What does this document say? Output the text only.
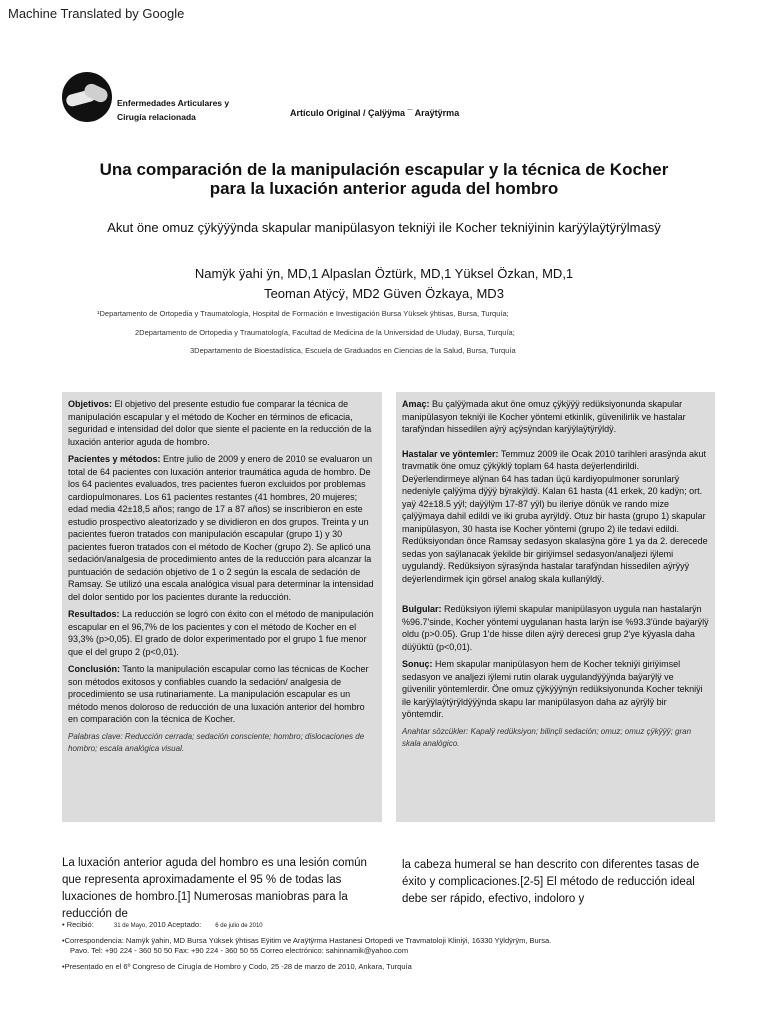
Machine Translated by Google
Enfermedades Articulares y
Cirugía relacionada	Artículo Original / Çalÿÿma ¯ Araÿtÿrma
Una comparación de la manipulación escapular y la técnica de Kocher
para la luxación anterior aguda del hombro
Akut öne omuz çÿkÿÿÿnda skapular manipülasyon tekniÿi ile Kocher tekniÿinin karÿÿlaÿtÿrÿlmasÿ
Namÿk ÿahi ÿn, MD,1 Alpaslan Öztürk, MD,1 Yüksel Özkan, MD,1
Teoman Atÿcÿ, MD2 Güven Özkaya, MD3
¹Departamento de Ortopedia y Traumatología, Hospital de Formación e Investigación Bursa Yüksek ÿhtisas, Bursa, Turquía;
2Departamento de Ortopedia y Traumatología, Facultad de Medicina de la Universidad de Uludaÿ, Bursa, Turquía;
3Departamento de Bioestadística, Escuela de Graduados en Ciencias de la Salud, Bursa, Turquía

Objetivos: El objetivo del presente estudio fue comparar la técnica de manipulación escapular y el método de Kocher en términos de eficacia, seguridad e intensidad del dolor que siente el paciente en la reducción de la luxación anterior aguda de hombro.

Pacientes y métodos: Entre julio de 2009 y enero de 2010 se evaluaron un total de 64 pacientes con luxación anterior traumática aguda de hombro. De los 64 pacientes evaluados, tres pacientes fueron excluidos por problemas cardiopulmonares. Los 61 pacientes restantes (41 hombres, 20 mujeres; edad media 42±18,5 años; rango de 17 a 87 años) se inscribieron en este estudio prospectivo aleatorizado y se dividieron en dos grupos. Treinta y un pacientes fueron tratados con manipulación escapular (grupo 1) y 30 pacientes fueron tratados con el método de Kocher (grupo 2). Se aplicó una sedación/analgesia de procedimiento antes de la reducción para alcanzar la puntuación de sedación objetivo de 1 o 2 según la escala de sedación de Ramsay. Se utilizó una escala analógica visual para determinar la intensidad del dolor sentido por los pacientes durante la reducción.

Resultados: La reducción se logró con éxito con el método de manipulación escapular en el 96,7% de los pacientes y con el método de Kocher en el 93,3% (p>0,05). El grado de dolor experimentado por el grupo 1 fue menor que el del grupo 2 (p<0,01).

Conclusión: Tanto la manipulación escapular como las técnicas de Kocher son métodos exitosos y confiables cuando la sedación/ analgesia de procedimiento se usa rutinariamente. La manipulación escapular es un método menos doloroso de reducción de una luxación anterior del hombro en comparación con la técnica de Kocher.

Palabras clave: Reducción cerrada; sedación consciente; hombro; dislocaciones de hombro; escala analógica visual.

Amaç: Bu çalÿÿmada akut öne omuz çÿkÿÿÿ redüksiyonunda skapular manipülasyon tekniÿi ile Kocher yöntemi etkinlik, güvenilirlik ve hastalar tarafÿndan hissedilen aÿrÿ açÿsÿndan karÿÿlaÿtÿrÿldÿ.

Hastalar ve yöntemler: Temmuz 2009 ile Ocak 2010 tarihleri arasÿnda akut travmatik öne omuz çÿkÿklÿ toplam 64 hasta deÿerlendirildi. Deÿerlendirmeye alÿnan 64 has tadan üçü kardiyopulmoner sorunlarÿ nedeniyle çalÿÿma dÿÿÿ bÿrakÿldÿ. Kalan 61 hasta (41 erkek, 20 kadÿn; ort. yaÿ 42±18.5 yÿl; daÿÿlÿm 17-87 yÿl) bu ileriye dönük ve rando mize çalÿÿmaya dahil edildi ve iki gruba ayrÿldÿ. Otuz bir hasta (grupo 1) skapular manipülasyon, 30 hasta ise Kocher yöntemi (grupo 2) ile tedavi edildi. Redüksiyondan önce Ramsay sedasyon skalasÿna göre 1 ya da 2. derecede sedas yon saÿlanacak ÿekilde bir giriÿimsel sedasyon/analjezi iÿlemi uygulandÿ. Redüksiyon sÿrasÿnda hastalar tarafÿndan hissedilen aÿrÿyÿ deÿerlendirmek için görsel analog skala kullanÿldÿ.

Bulgular: Redüksiyon iÿlemi skapular manipülasyon uygula nan hastalarÿn %96.7'sinde, Kocher yöntemi uygulanan hasta larÿn ise %93.3'ünde baÿarÿlÿ oldu (p>0.05). Grup 1'de hisse dilen aÿrÿ derecesi grup 2'ye kÿyasla daha düÿüktü (p<0,01).

Sonuç: Hem skapular manipülasyon hem de Kocher tekniÿi giriÿimsel sedasyon ve analjezi iÿlemi rutin olarak uygulandÿÿÿnda baÿarÿlÿ ve güvenilir yöntemlerdir. Öne omuz çÿkÿÿÿnÿn redüksiyonunda Kocher tekniÿi ile karÿÿlaÿtÿrÿldÿÿÿnda skapu lar manipülasyon daha az aÿrÿlÿ bir yöntemdir.

Anahtar sözcükler: Kapalÿ redüksiyon; bilinçli sedación; omuz; omuz çÿkÿÿÿ; gran skala analógico.

La luxación anterior aguda del hombro es una lesión común que representa aproximadamente el 95 % de todas las luxaciones de hombro.[1] Numerosas maniobras para la reducción de
la cabeza humeral se han descrito con diferentes tasas de éxito y complicaciones.[2-5] El método de reducción ideal debe ser rápido, efectivo, indoloro y
• Recibió:	31 de Mayo, 2010 Aceptado: 6 de julio de 2010
•Correspondencia: Namÿk ÿahin, MD Bursa Yüksek ÿhtisas Eÿitim ve Araÿtÿrma Hastanesi Ortopedi ve Travmatoloji Kliniÿi, 16330 Yÿldÿrÿm, Bursa.
Pavo. Tel: +90 224 - 360 50 50 Fax: +90 224 - 360 50 55 Correo electrónico: sahinnamik@yahoo.com
•Presentado en el 6º Congreso de Cirugía de Hombro y Codo, 25 -28 de marzo de 2010, Ankara, Turquía
